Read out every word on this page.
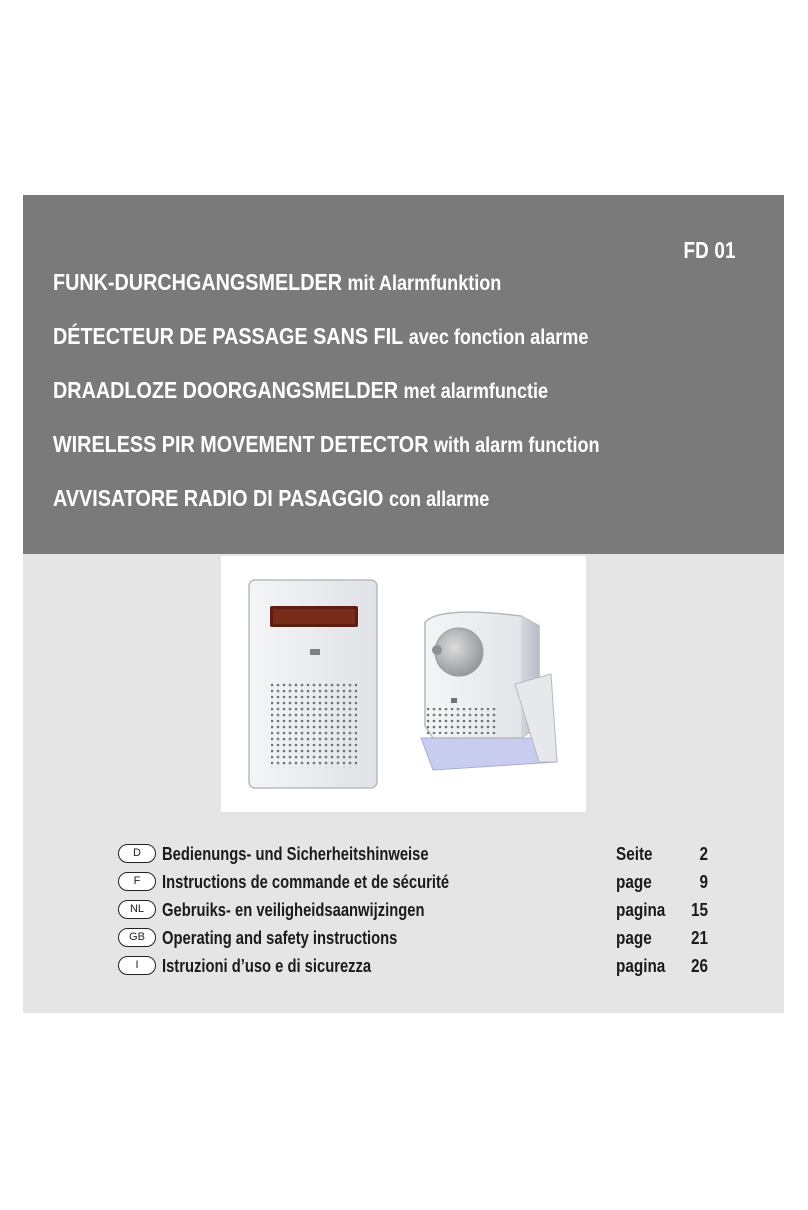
FD 01
FUNK-DURCHGANGSMELDER mit Alarmfunktion
DÉTECTEUR DE PASSAGE SANS FIL avec fonction alarme
DRAADLOZE DOORGANGSMELDER met alarmfunctie
WIRELESS PIR MOVEMENT DETECTOR with alarm function
AVVISATORE RADIO DI PASAGGIO con allarme
D	Bedienungs- und Sicherheitshinweise	Seite	2
F	Instructions de commande et de sécurité	page	9
NL Gebruiks- en veiligheidsaanwijzingen	pagina	15
GB Operating and safety instructions	page	21
I	Istruzioni d’uso e di sicurezza	pagina	26
